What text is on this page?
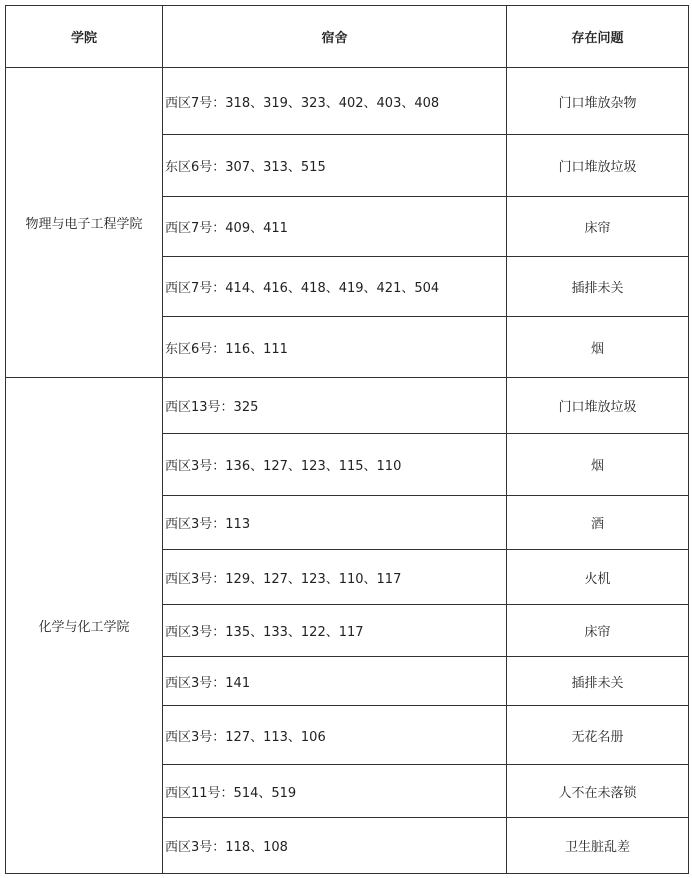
学院	宿舍	存在问题
物理与电子工程学院	西区7号：318、319、323、402、403、408	门口堆放杂物
	东区6号：307、313、515	门口堆放垃圾
	西区7号：409、411	床帘
	西区7号：414、416、418、419、421、504	插排未关
	东区6号：116、111	烟
化学与化工学院	西区13号：325	门口堆放垃圾
	西区3号：136、127、123、115、110	烟
	西区3号：113	酒
	西区3号：129、127、123、110、117	火机
	西区3号：135、133、122、117	床帘
	西区3号：141	插排未关
	西区3号：127、113、106	无花名册
	西区11号：514、519	人不在未落锁
	西区3号：118、108	卫生脏乱差
